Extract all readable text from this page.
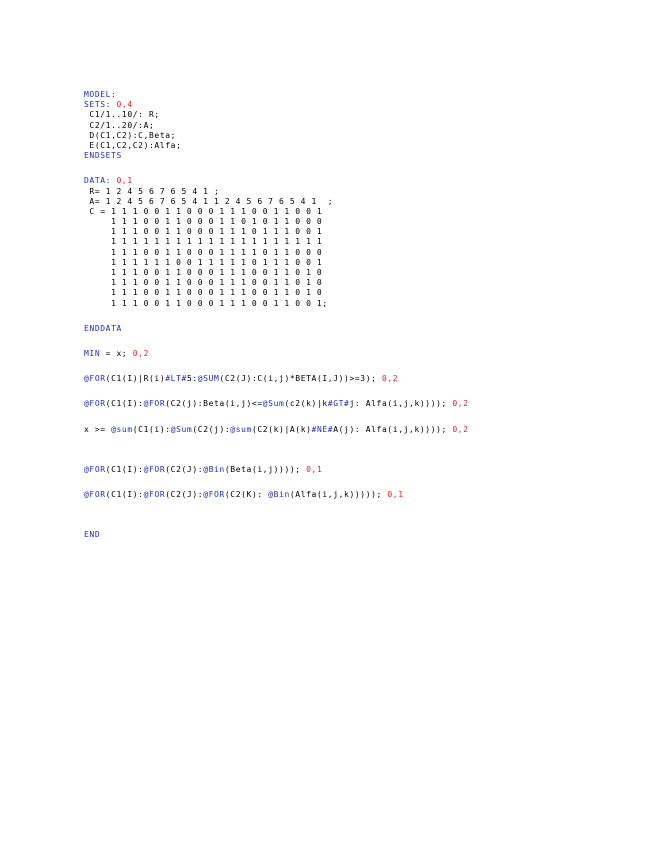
MODEL:
SETS: 0,4
C1/1..10/: R;
C2/1..20/:A;
D(C1,C2):C,Beta;
E(C1,C2,C2):Alfa;
ENDSETS
DATA: 0,1
R= 1 2 4 5 6 7 6 5 4 1 ;
A= 1 2 4 5 6 7 6 5 4 1 1 2 4 5 6 7 6 5 4 1  ;
C = 1 1 1 0 0 1 1 0 0 0 1 1 1 0 0 1 1 0 0 1
1 1 1 0 0 1 1 0 0 0 1 1 0 1 0 1 1 0 0 0
1 1 1 0 0 1 1 0 0 0 1 1 1 0 1 1 1 0 0 1
1 1 1 1 1 1 1 1 1 1 1 1 1 1 1 1 1 1 1 1
1 1 1 0 0 1 1 0 0 0 1 1 1 1 0 1 1 0 0 0
1 1 1 1 1 1 0 0 1 1 1 1 1 0 1 1 1 0 0 1
1 1 1 0 0 1 1 0 0 0 1 1 1 0 0 1 1 0 1 0
1 1 1 0 0 1 1 0 0 0 1 1 1 0 0 1 1 0 1 0
1 1 1 0 0 1 1 0 0 0 1 1 1 0 0 1 1 0 1 0
1 1 1 0 0 1 1 0 0 0 1 1 1 0 0 1 1 0 0 1;
ENDDATA
MIN = x; 0,2
@FOR(C1(I)|R(i)#LT#5:@SUM(C2(J):C(i,j)*BETA(I,J))>=3); 0,2
@FOR(C1(I):@FOR(C2(j):Beta(i,j)<=@Sum(c2(k)|k#GT#j: Alfa(i,j,k)))); 0,2
x >= @sum(C1(i):@Sum(C2(j):@sum(C2(k)|A(k)#NE#A(j): Alfa(i,j,k)))); 0,2
@FOR(C1(I):@FOR(C2(J):@Bin(Beta(i,j)))); 0,1
@FOR(C1(I):@FOR(C2(J):@FOR(C2(K): @Bin(Alfa(i,j,k))))); 0,1
END
